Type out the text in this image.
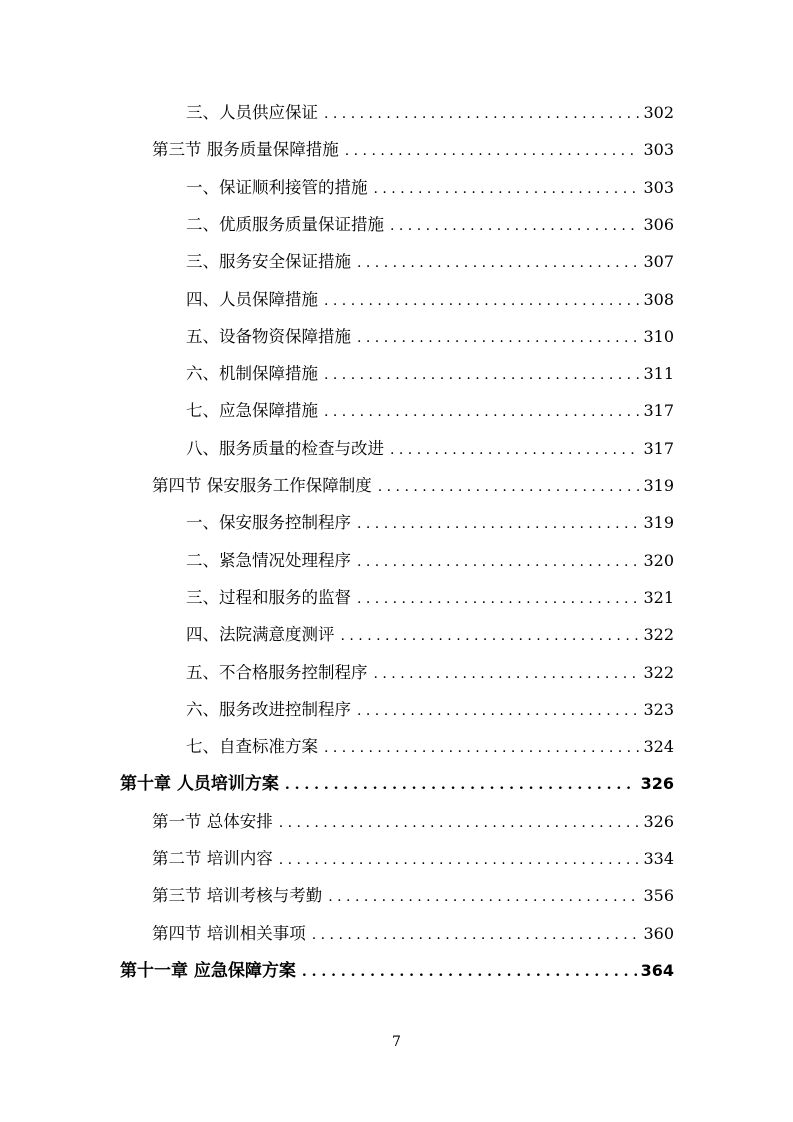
三、人员供应保证 . . .	302
第三节 服务质量保障措施 . . .	303
一、保证顺利接管的措施 . . .	303
二、优质服务质量保证措施 . . .	306
三、服务安全保证措施 . . .	307
四、人员保障措施 . . .	308
五、设备物资保障措施 . . .	310
六、机制保障措施 . . .	311
七、应急保障措施 . . .	317
八、服务质量的检查与改进 . . .	317
第四节 保安服务工作保障制度 . . .	319
一、保安服务控制程序 . . .	319
二、紧急情况处理程序 . . .	320
三、过程和服务的监督 . . .	321
四、法院满意度测评 . . .	322
五、不合格服务控制程序 . . .	322
六、服务改进控制程序 . . .	323
七、自查标准方案 . . .	324
第十章 人员培训方案 . . .	326
第一节 总体安排 . . .	326
第二节 培训内容 . . .	334
第三节 培训考核与考勤 . . .	356
第四节 培训相关事项 . . .	360
第十一章 应急保障方案 . . .	364
7
